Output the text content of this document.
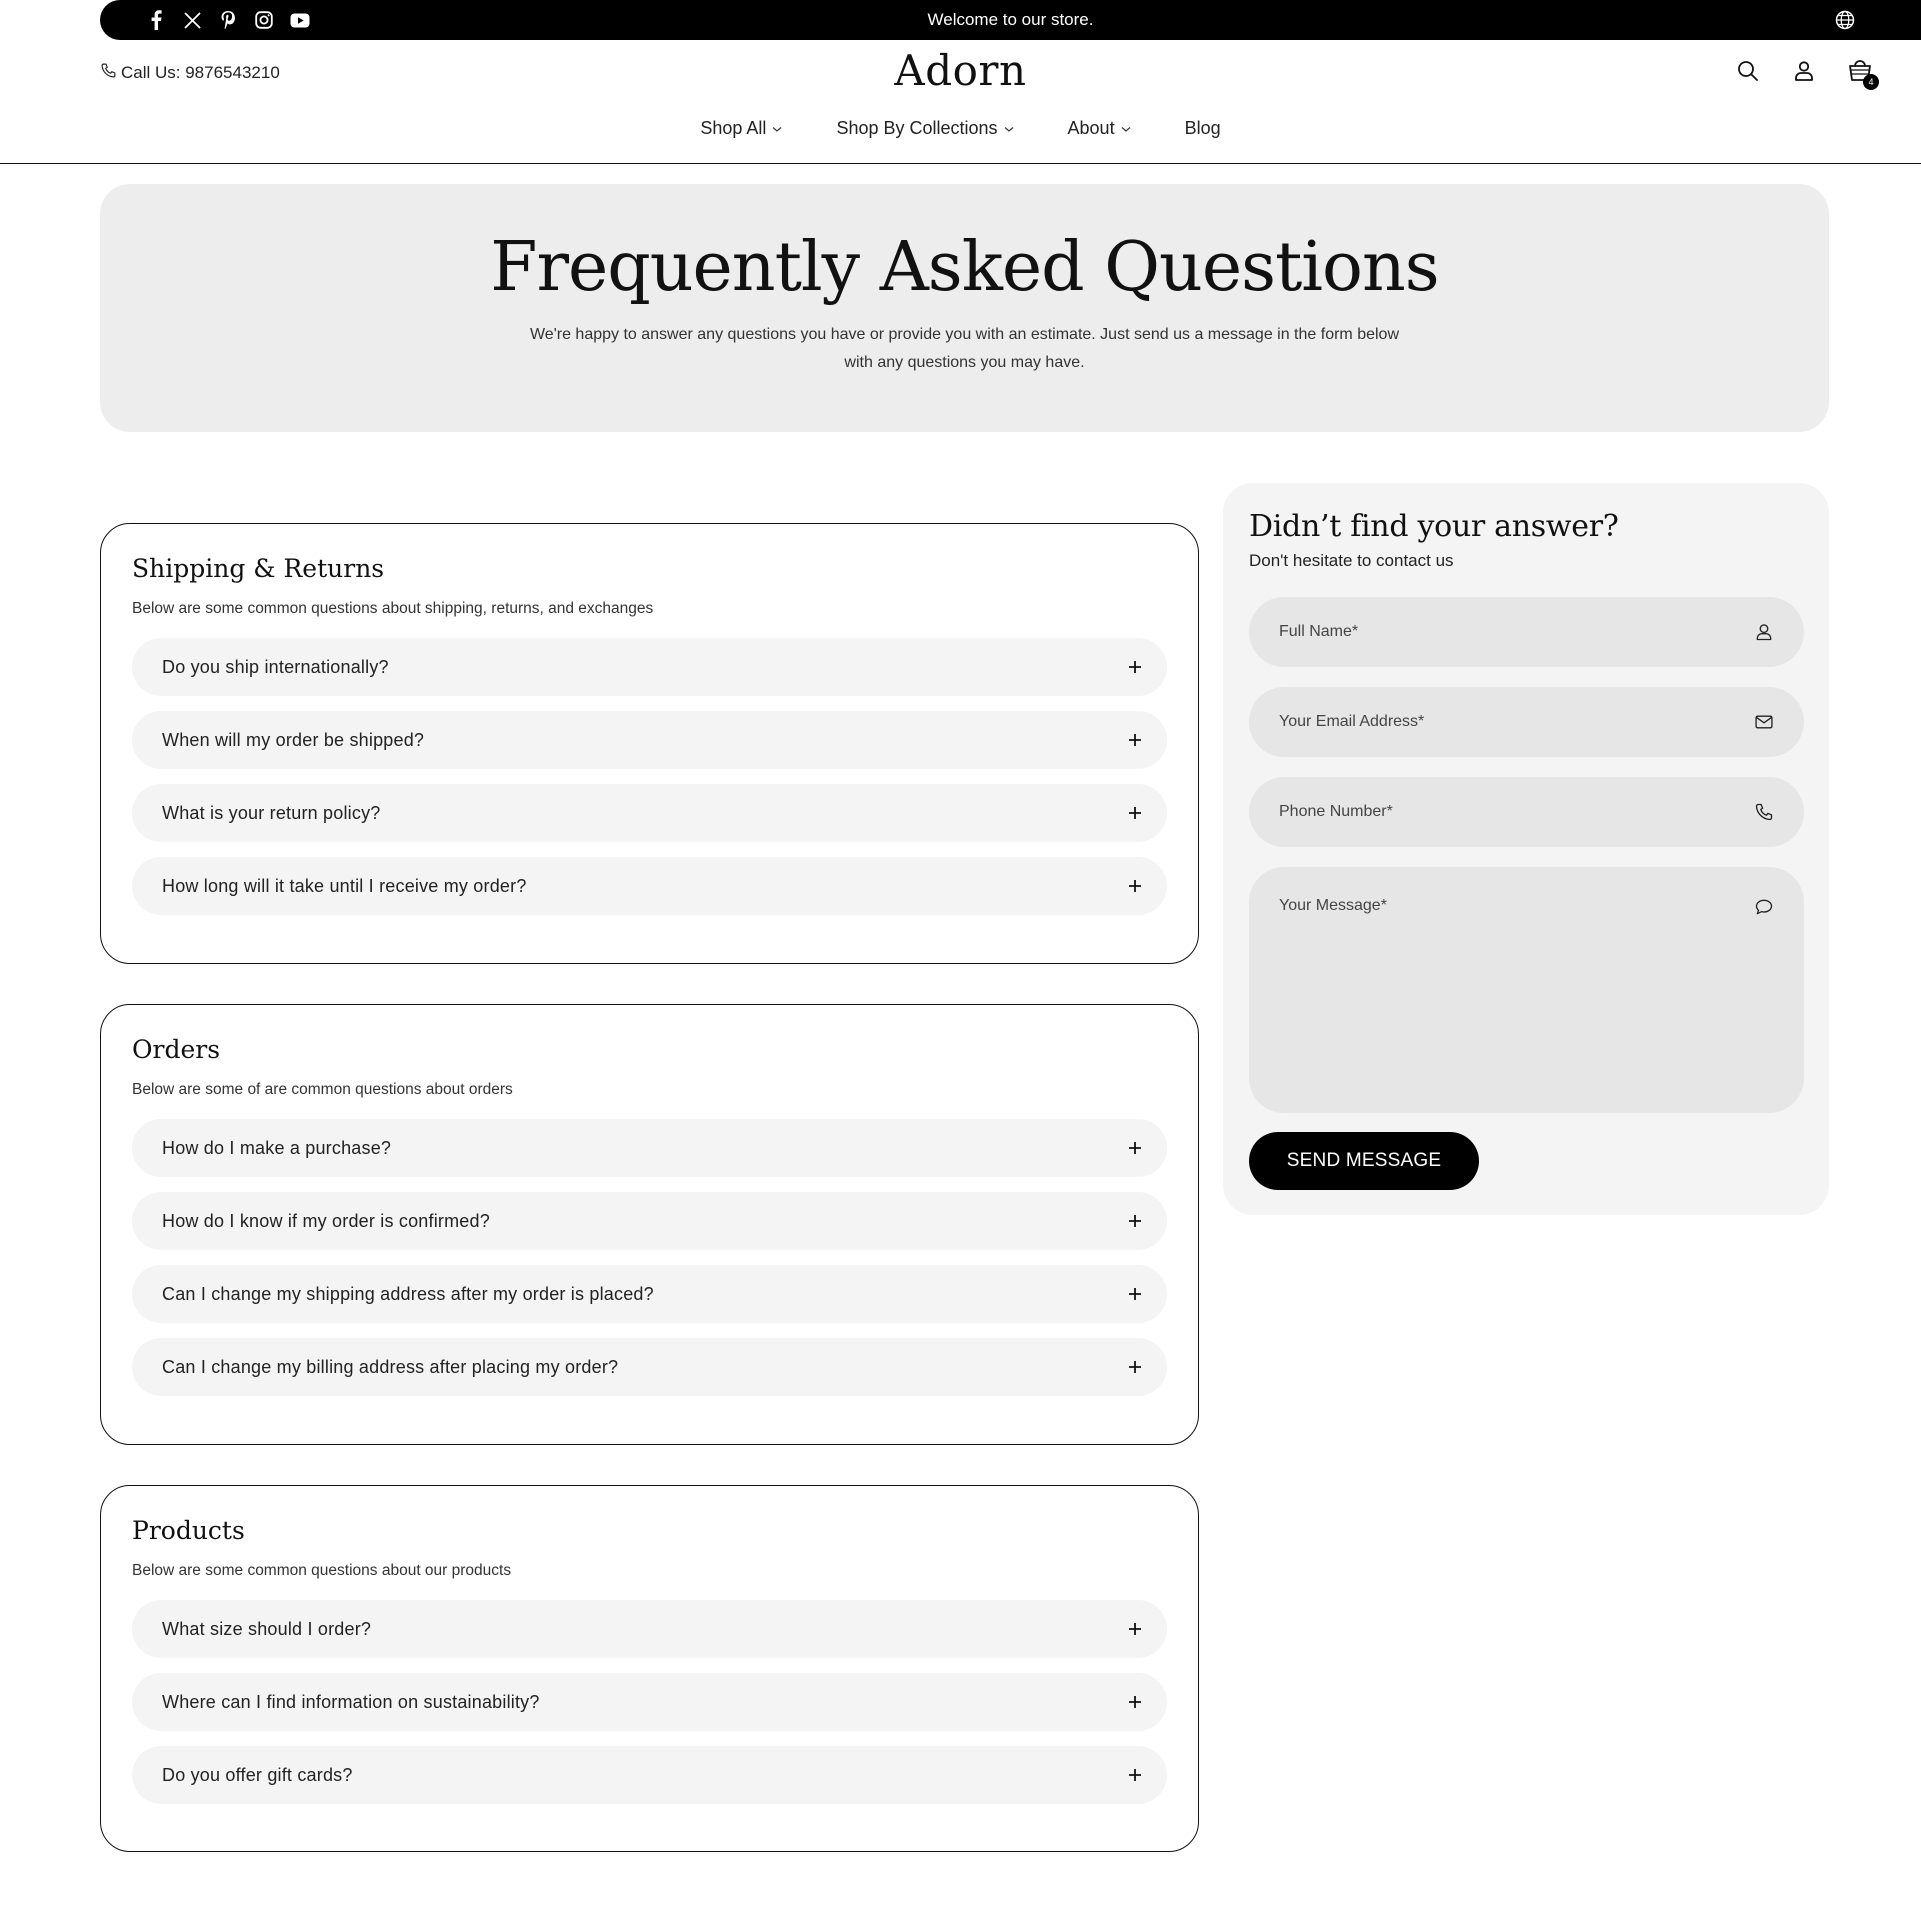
Welcome to our store.
Call Us: 9876543210	Adorn	4
Shop All	Shop By Collections	About	Blog
Frequently Asked Questions

We're happy to answer any questions you have or provide you with an estimate. Just send us a message in the form below with any questions you may have.

Shipping & Returns
Below are some common questions about shipping, returns, and exchanges
Do you ship internationally?
When will my order be shipped?
What is your return policy?
How long will it take until I receive my order?
Orders
Below are some of are common questions about orders
How do I make a purchase?
How do I know if my order is confirmed?
Can I change my shipping address after my order is placed?
Can I change my billing address after placing my order?
Products
Below are some common questions about our products
What size should I order?
Where can I find information on sustainability?
Do you offer gift cards?
Didn’t find your answer?
Don't hesitate to contact us
Full Name*
Your Email Address*
Phone Number*
Your Message*
SEND MESSAGE
